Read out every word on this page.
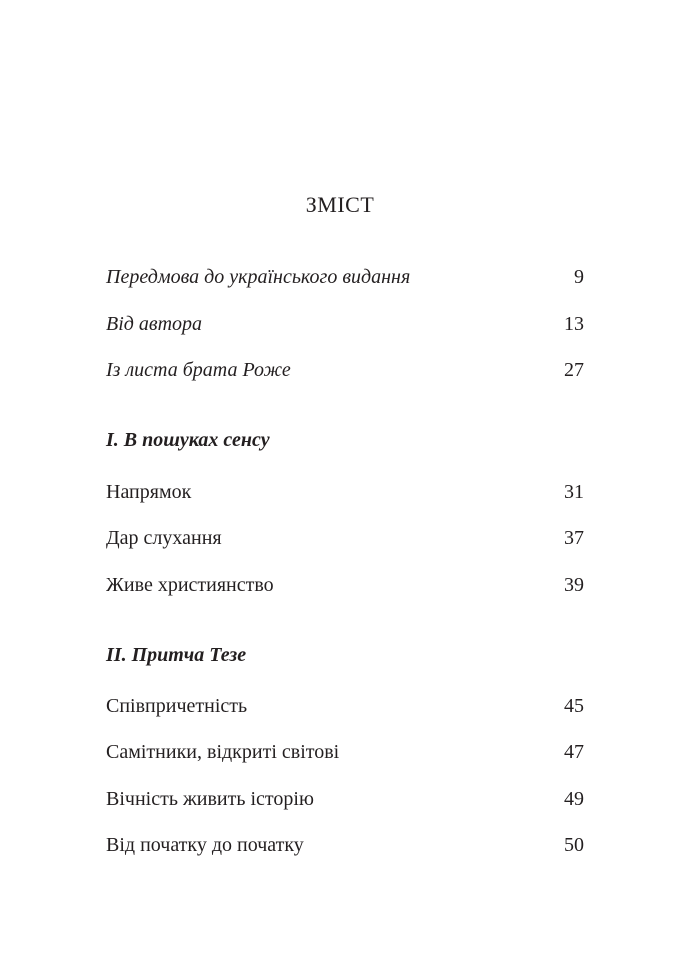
ЗМІСТ
Передмова до українського видання	9
Від автора	13
Із листа брата Роже	27
I. В пошуках сенсу
Напрямок	31
Дар слухання	37
Живе християнство	39
II. Притча Тезе
Співпричетність	45
Самітники, відкриті світові	47
Вічність живить історію	49
Від початку до початку	50
